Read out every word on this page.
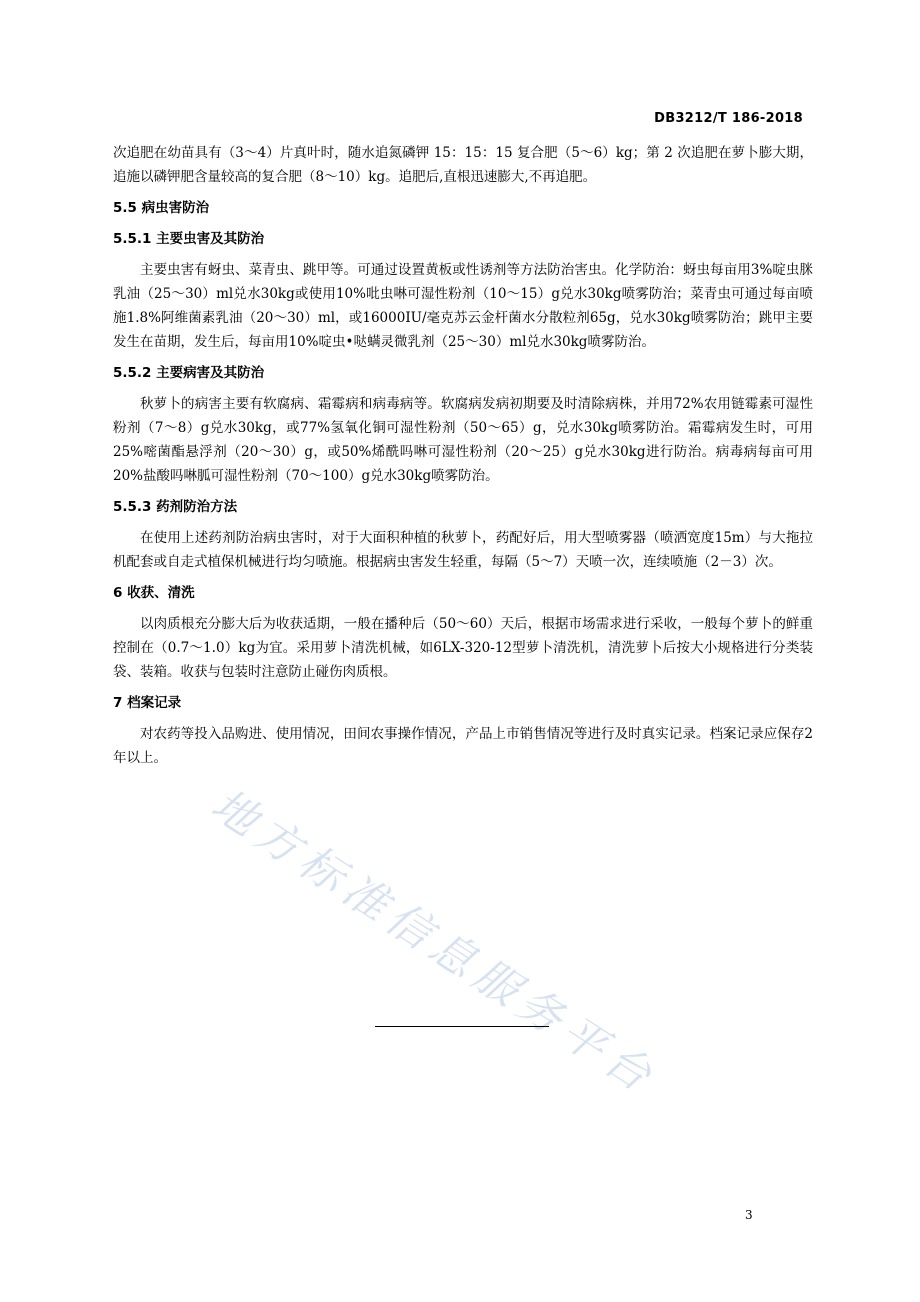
DB3212/T 186-2018

次追肥在幼苗具有（3～4）片真叶时，随水追氮磷钾 15：15：15 复合肥（5～6）kg；第 2 次追肥在萝卜膨大期，追施以磷钾肥含量较高的复合肥（8～10）kg。追肥后,直根迅速膨大,不再追肥。

5.5 病虫害防治
5.5.1 主要虫害及其防治

主要虫害有蚜虫、菜青虫、跳甲等。可通过设置黄板或性诱剂等方法防治害虫。化学防治：蚜虫每亩用3%啶虫脒乳油（25～30）ml兑水30kg或使用10%吡虫啉可湿性粉剂（10～15）g兑水30kg喷雾防治；菜青虫可通过每亩喷施1.8%阿维菌素乳油（20～30）ml，或16000IU/毫克苏云金杆菌水分散粒剂65g，兑水30kg喷雾防治；跳甲主要发生在苗期，发生后，每亩用10%啶虫•哒螨灵微乳剂（25～30）ml兑水30kg喷雾防治。

5.5.2 主要病害及其防治

秋萝卜的病害主要有软腐病、霜霉病和病毒病等。软腐病发病初期要及时清除病株，并用72%农用链霉素可湿性粉剂（7～8）g兑水30kg，或77%氢氧化铜可湿性粉剂（50～65）g，兑水30kg喷雾防治。霜霉病发生时，可用25%嘧菌酯悬浮剂（20～30）g，或50%烯酰吗啉可湿性粉剂（20～25）g兑水30kg进行防治。病毒病每亩可用20%盐酸吗啉胍可湿性粉剂（70～100）g兑水30kg喷雾防治。

5.5.3 药剂防治方法

在使用上述药剂防治病虫害时，对于大面积种植的秋萝卜，药配好后，用大型喷雾器（喷洒宽度15m）与大拖拉机配套或自走式植保机械进行均匀喷施。根据病虫害发生轻重，每隔（5～7）天喷一次，连续喷施（2－3）次。

6 收获、清洗

以肉质根充分膨大后为收获适期，一般在播种后（50～60）天后，根据市场需求进行采收，一般每个萝卜的鲜重控制在（0.7～1.0）kg为宜。采用萝卜清洗机械，如6LX-320-12型萝卜清洗机，清洗萝卜后按大小规格进行分类装袋、装箱。收获与包装时注意防止碰伤肉质根。

7 档案记录

对农药等投入品购进、使用情况，田间农事操作情况，产品上市销售情况等进行及时真实记录。档案记录应保存2年以上。

地方标准信息服务平台
3
